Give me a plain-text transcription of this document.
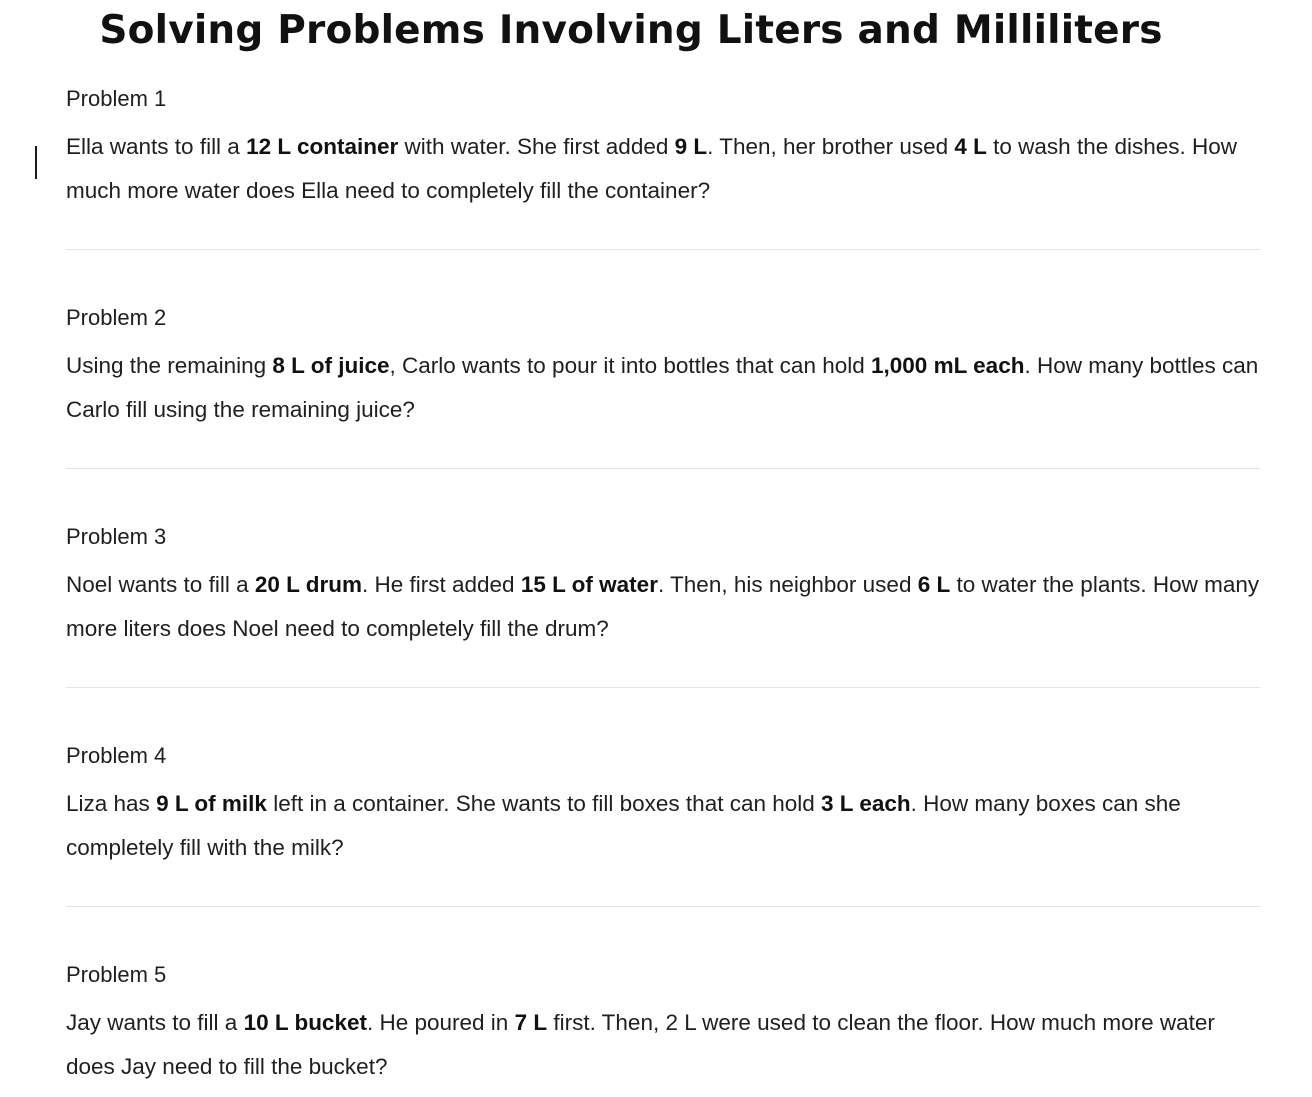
Solving Problems Involving Liters and Milliliters
Problem 1

Ella wants to fill a 12 L container with water. She first added 9 L. Then, her brother used 4 L to wash the dishes. How much more water does Ella need to completely fill the container?

Problem 2

Using the remaining 8 L of juice, Carlo wants to pour it into bottles that can hold 1,000 mL each. How many bottles can Carlo fill using the remaining juice?

Problem 3

Noel wants to fill a 20 L drum. He first added 15 L of water. Then, his neighbor used 6 L to water the plants. How many more liters does Noel need to completely fill the drum?

Problem 4

Liza has 9 L of milk left in a container. She wants to fill boxes that can hold 3 L each. How many boxes can she completely fill with the milk?

Problem 5

Jay wants to fill a 10 L bucket. He poured in 7 L first. Then, 2 L were used to clean the floor. How much more water does Jay need to fill the bucket?
